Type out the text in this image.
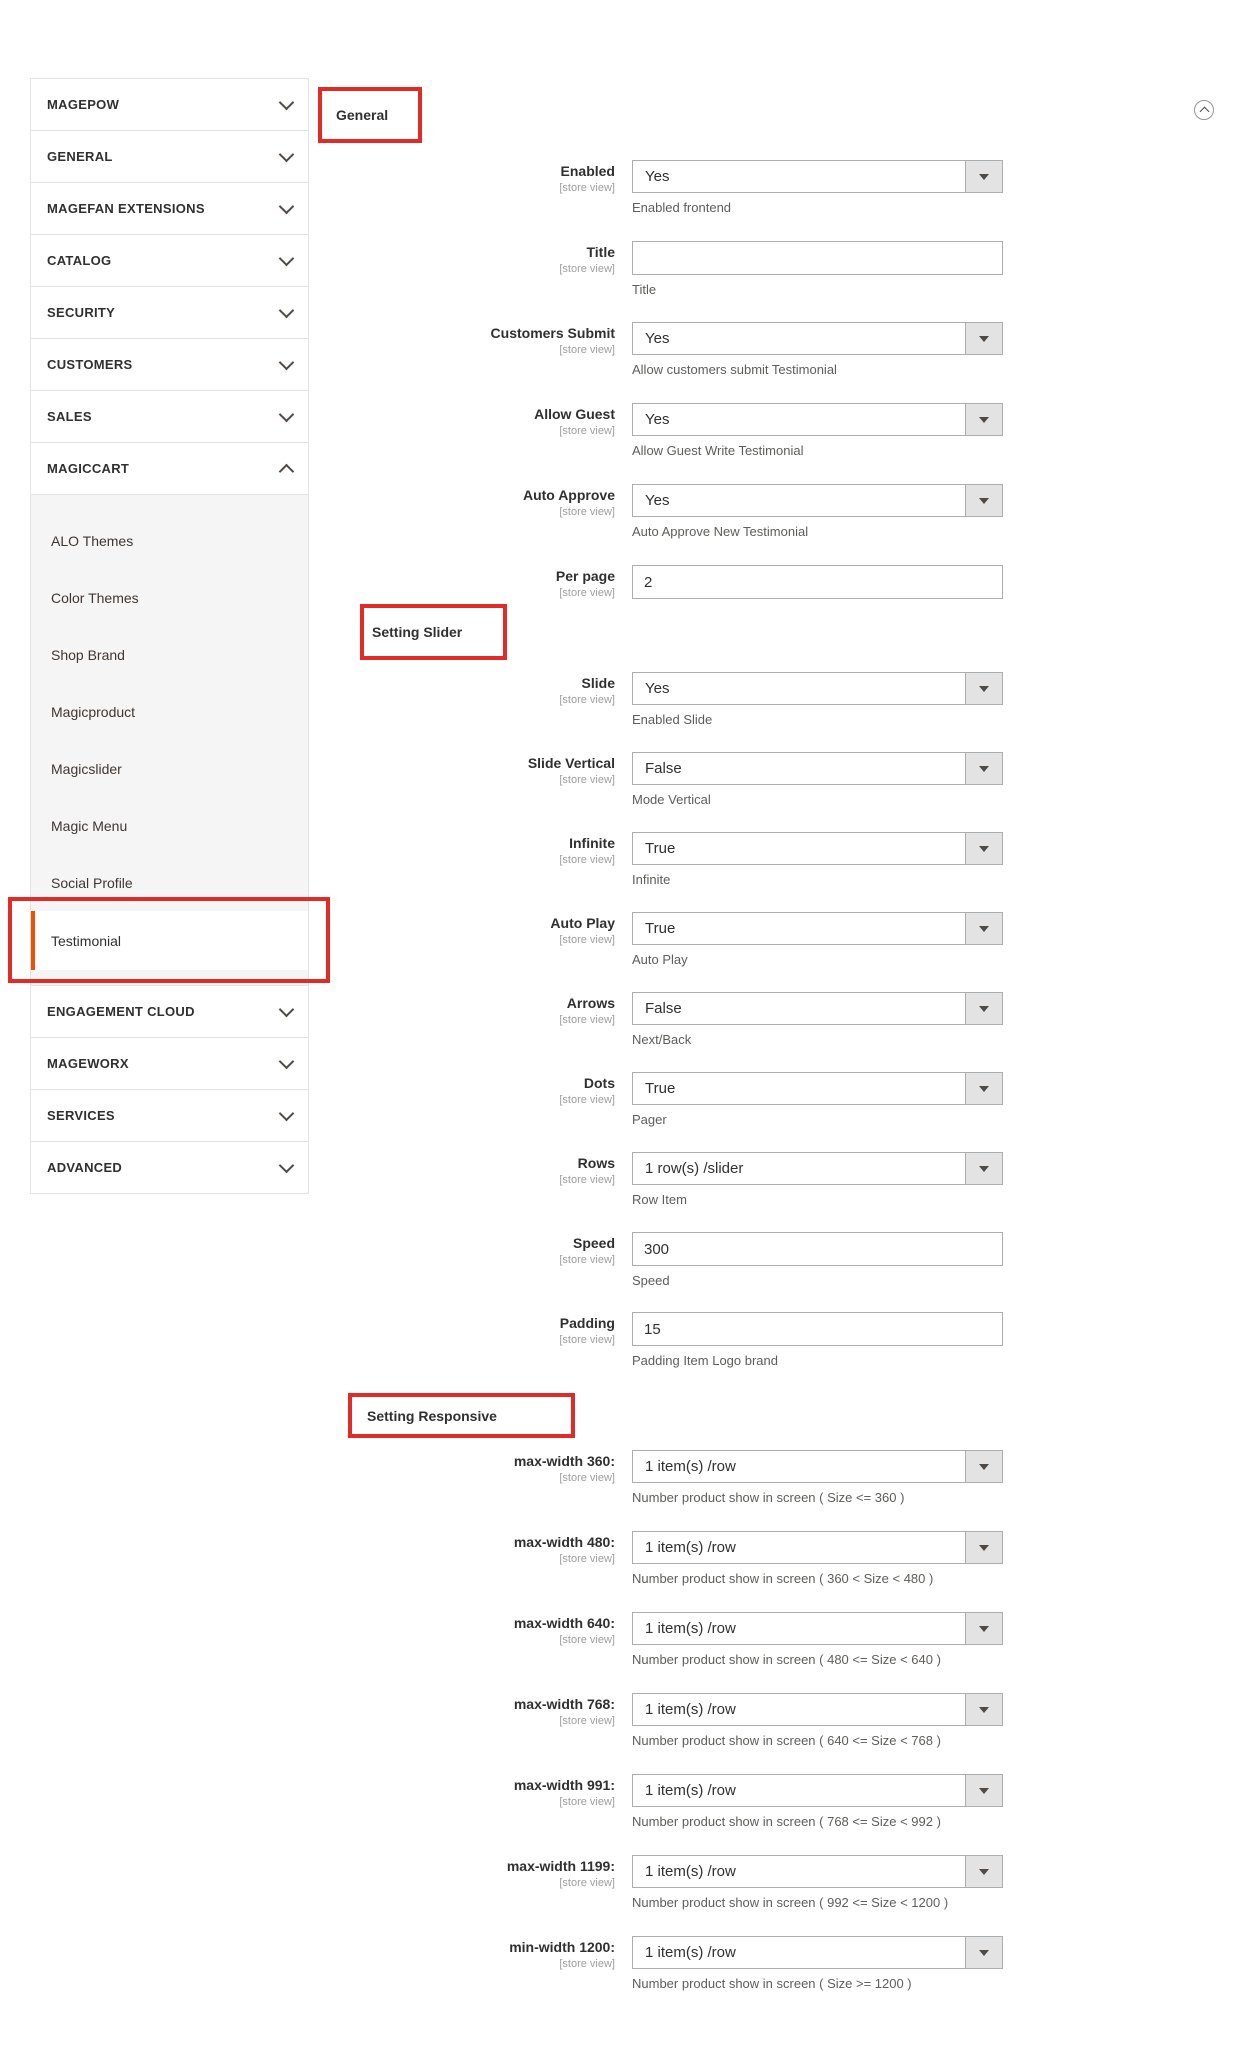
MAGEPOW
GENERAL
MAGEFAN EXTENSIONS
CATALOG
SECURITY
CUSTOMERS
SALES
MAGICCART
ALO Themes
Color Themes
Shop Brand
Magicproduct
Magicslider
Magic Menu
Social Profile
Testimonial
ENGAGEMENT CLOUD
MAGEWORX
SERVICES
ADVANCED
General
Enabled
[store view]
Yes
Enabled frontend
Title
[store view]
Title
Customers Submit
[store view]
Yes
Allow customers submit Testimonial
Allow Guest
[store view]
Yes
Allow Guest Write Testimonial
Auto Approve
[store view]
Yes
Auto Approve New Testimonial
Per page
[store view]
2
Setting Slider
Slide
[store view]
Yes
Enabled Slide
Slide Vertical
[store view]
False
Mode Vertical
Infinite
[store view]
True
Infinite
Auto Play
[store view]
True
Auto Play
Arrows
[store view]
False
Next/Back
Dots
[store view]
True
Pager
Rows
[store view]
1 row(s) /slider
Row Item
Speed
[store view]
300
Speed
Padding
[store view]
15
Padding Item Logo brand
Setting Responsive
max-width 360:
[store view]
1 item(s) /row
Number product show in screen ( Size <= 360 )
max-width 480:
[store view]
1 item(s) /row
Number product show in screen ( 360 < Size < 480 )
max-width 640:
[store view]
1 item(s) /row
Number product show in screen ( 480 <= Size < 640 )
max-width 768:
[store view]
1 item(s) /row
Number product show in screen ( 640 <= Size < 768 )
max-width 991:
[store view]
1 item(s) /row
Number product show in screen ( 768 <= Size < 992 )
max-width 1199:
[store view]
1 item(s) /row
Number product show in screen ( 992 <= Size < 1200 )
min-width 1200:
[store view]
1 item(s) /row
Number product show in screen ( Size >= 1200 )
